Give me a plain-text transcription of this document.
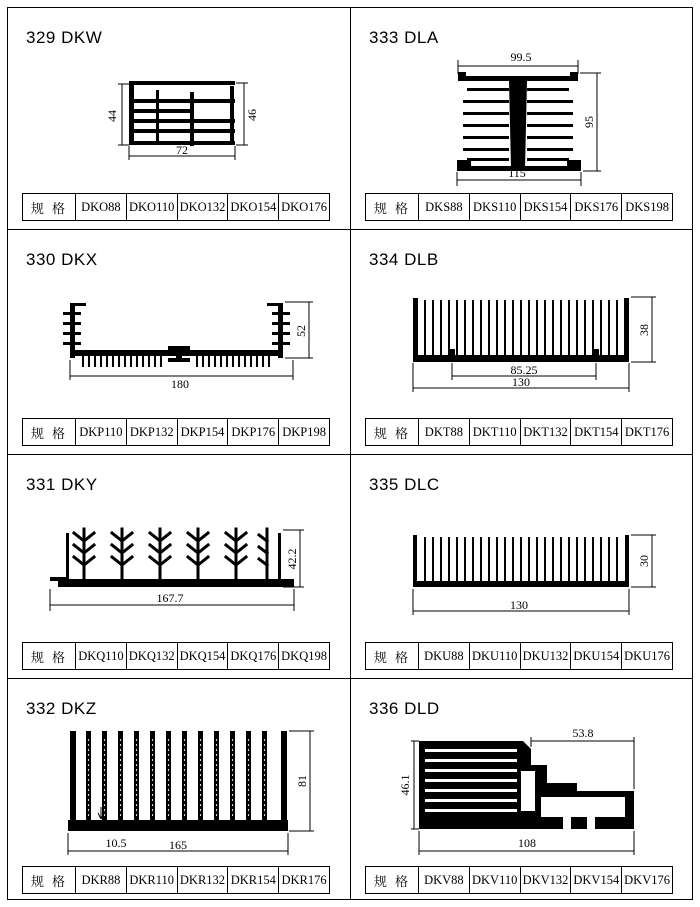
329 DKW
44	46
72
规 格	DKO88 DKO110 DKO132 DKO154 DKO176
333 DLA
99.5
95
115
规 格	DKS88 DKS110 DKS154 DKS176 DKS198
330 DKX
52
180
规 格 DKP110 DKP132 DKP154 DKP176 DKP198
334 DLB
38
85.25
130
规 格	DKT88 DKT110 DKT132 DKT154 DKT176
331 DKY
42.2
167.7
规 格 DKQ110 DKQ132 DKQ154 DKQ176 DKQ198
335 DLC
30
130
规 格	DKU88 DKU110 DKU132 DKU154 DKU176
332 DKZ
81
10.5	165
规 格	DKR88 DKR110 DKR132 DKR154 DKR176
336 DLD
53.8
46.1
108
规 格	DKV88 DKV110 DKV132 DKV154 DKV176
